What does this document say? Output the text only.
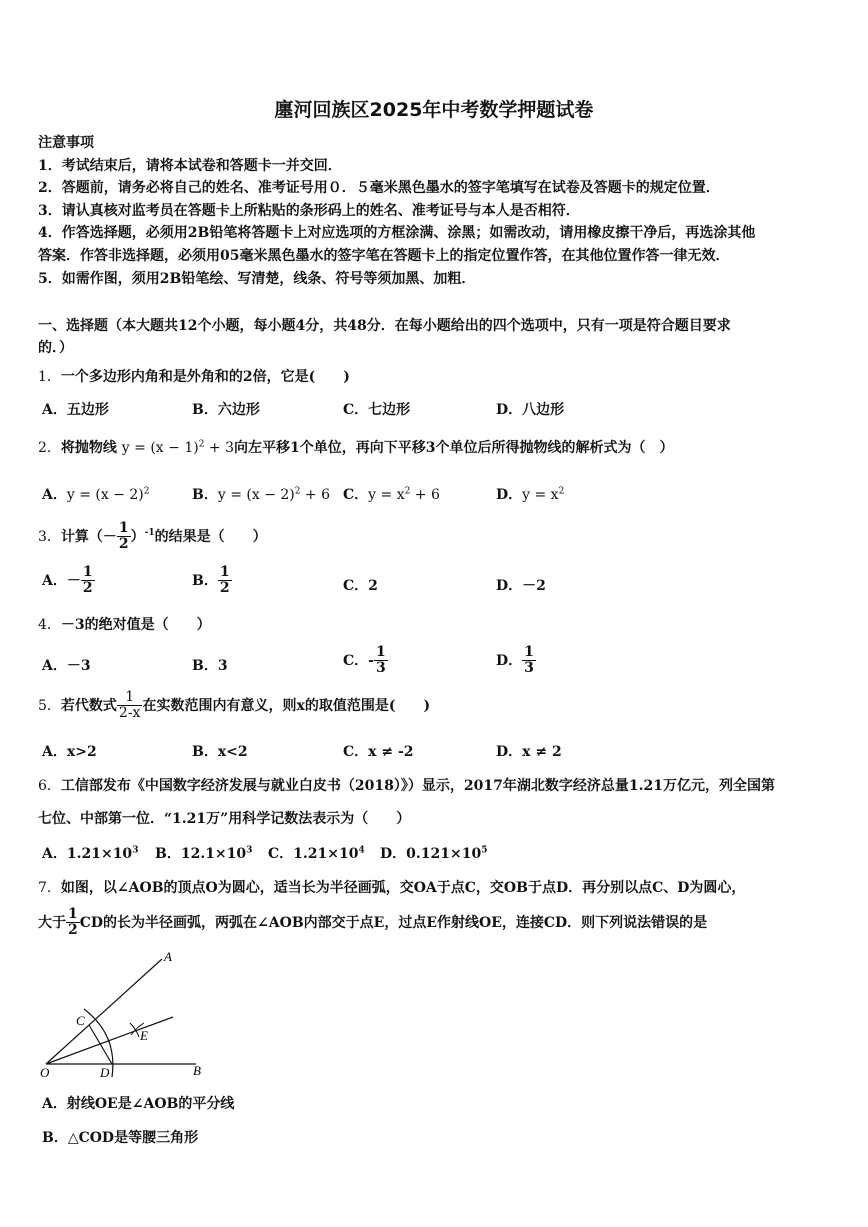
廛河回族区2025年中考数学押题试卷
注意事项
1．考试结束后，请将本试卷和答题卡一并交回．
2．答题前，请务必将自己的姓名、准考证号用０．５毫米黑色墨水的签字笔填写在试卷及答题卡的规定位置．
3．请认真核对监考员在答题卡上所粘贴的条形码上的姓名、准考证号与本人是否相符．
4．作答选择题，必须用2B铅笔将答题卡上对应选项的方框涂满、涂黑；如需改动，请用橡皮擦干净后，再选涂其他
答案．作答非选择题，必须用05毫米黑色墨水的签字笔在答题卡上的指定位置作答，在其他位置作答一律无效．
5．如需作图，须用2B铅笔绘、写清楚，线条、符号等须加黑、加粗．
一、选择题（本大题共12个小题，每小题4分，共48分．在每小题给出的四个选项中，只有一项是符合题目要求
的．）
1．一个多边形内角和是外角和的2倍，它是(　　)
A．五边形	B．六边形	C．七边形	D．八边形
2．将抛物线 $y = (x - 1)^2 + 3$向左平移1个单位，再向下平移3个单位后所得抛物线的解析式为（　）
A．$y = (x - 2)^2$	B．$y = (x - 2)^2 + 6$ C．$y = x^2 + 6$	D．$y = x^2$
3．计算（－ $\frac{1}{2} )^{-1}$的结果是（　　）
A．－ $\frac{1}{2}$	B． $\frac{1}{2}$	C．2	D．－2
4．－3的绝对值是（　　）
A．－3	B．3	C．- $\frac{1}{3}$	D． $\frac{1}{3}$
5．若代数式 $\frac{1}{2-x}$ 在实数范围内有意义，则x的取值范围是(　　)
A．x>2	B．x<2	C．x ≠ -2	D．x ≠ 2
6．工信部发布《中国数字经济发展与就业白皮书（2018）》）显示，2017年湖北数字经济总量1.21万亿元，列全国第
七位、中部第一位．“1.21万”用科学记数法表示为（　　）
A．$1.21\times 10^3$ B．$12.1\times 10^3$ C．$1.21\times 10^4$ D．$0.121\times 10^5$
7．如图，以∠AOB的顶点O为圆心，适当长为半径画弧，交OA于点C，交OB于点D．再分别以点C、D为圆心，
大于 $\frac{1}{2}$ CD的长为半径画弧，两弧在∠AOB内部交于点E，过点E作射线OE，连接CD．则下列说法错误的是
A
B
C
D
E
O
A．射线OE是∠AOB的平分线
B．△COD是等腰三角形
